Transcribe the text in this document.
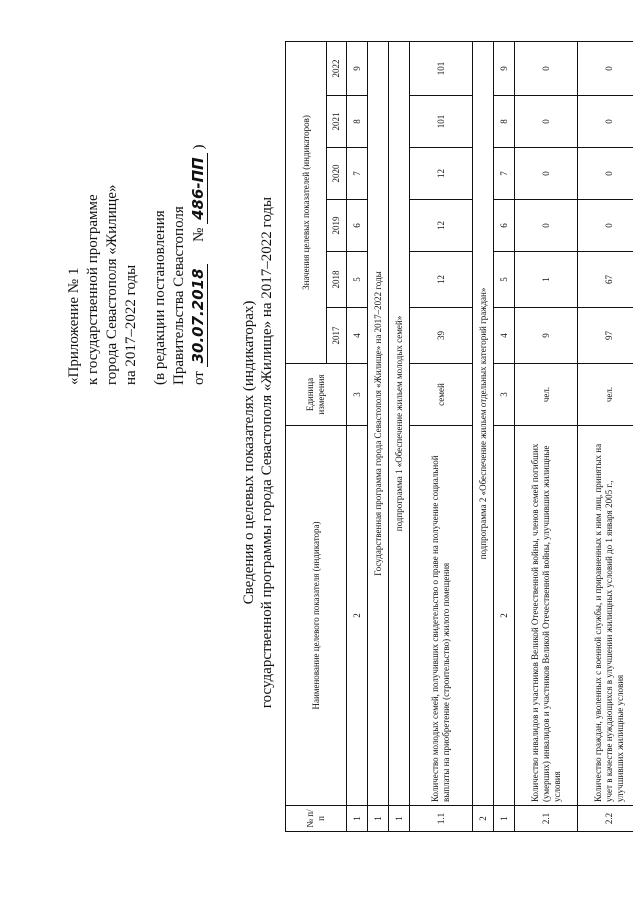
«Приложение № 1 к государственной программе города Севастополя «Жилище» на 2017–2022 годы (в редакции постановления Правительства Севастополя от 30.07.2018      № 486-ПП )
Сведения о целевых показателях (индикаторах) государственной программы города Севастополя «Жилище» на 2017–2022 годы
№ п/п	Наименование целевого показателя (индикатора)	Единица измерения	Значения целевых показателей (индикаторов)					
			2017	2018	2019	2020	2021	2022
1	2	3	4	5	6	7	8	9
1	Государственная программа города Севастополя «Жилище» на 2017–2022 годы							
1	подпрограмма 1 «Обеспечение жильем молодых семей»							
1.1	Количество молодых семей, получивших свидетельство о праве на получение социальной выплаты на приобретение (строительство) жилого помещения	семей	39	12	12	12	101	101
2	подпрограмма 2 «Обеспечение жильем отдельных категорий граждан»							
1	2	3	4	5	6	7	8	9
2.1	Количество инвалидов и участников Великой Отечественной войны, членов семей погибших (умерших) инвалидов и участников Великой Отечественной войны, улучшивших жилищные условия	чел.	9	1	0	0	0	0
2.2	Количество граждан, уволенных с военной службы, и приравненных к ним лиц, принятых на учет в качестве нуждающихся в улучшении жилищных условий до 1 января 2005 г., улучшивших жилищные условия	чел.	97	67	0	0	0	0
